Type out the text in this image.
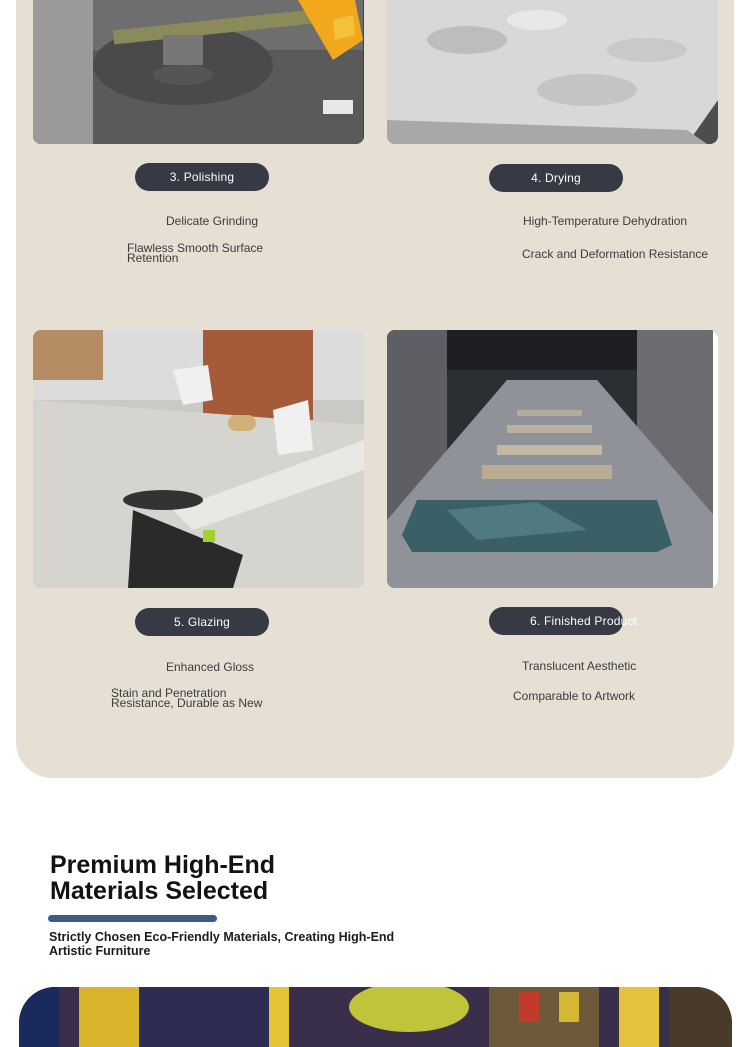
3. Polishing	4. Drying
Delicate Grinding
Flawless Smooth Surface Retention
High-Temperature Dehydration
Crack and Deformation Resistance
5. Glazing	6. Finished Product
Enhanced Gloss
Stain and Penetration Resistance, Durable as New
Translucent Aesthetic
Comparable to Artwork
Premium High-End Materials Selected
Strictly Chosen Eco-Friendly Materials, Creating High-End Artistic Furniture
